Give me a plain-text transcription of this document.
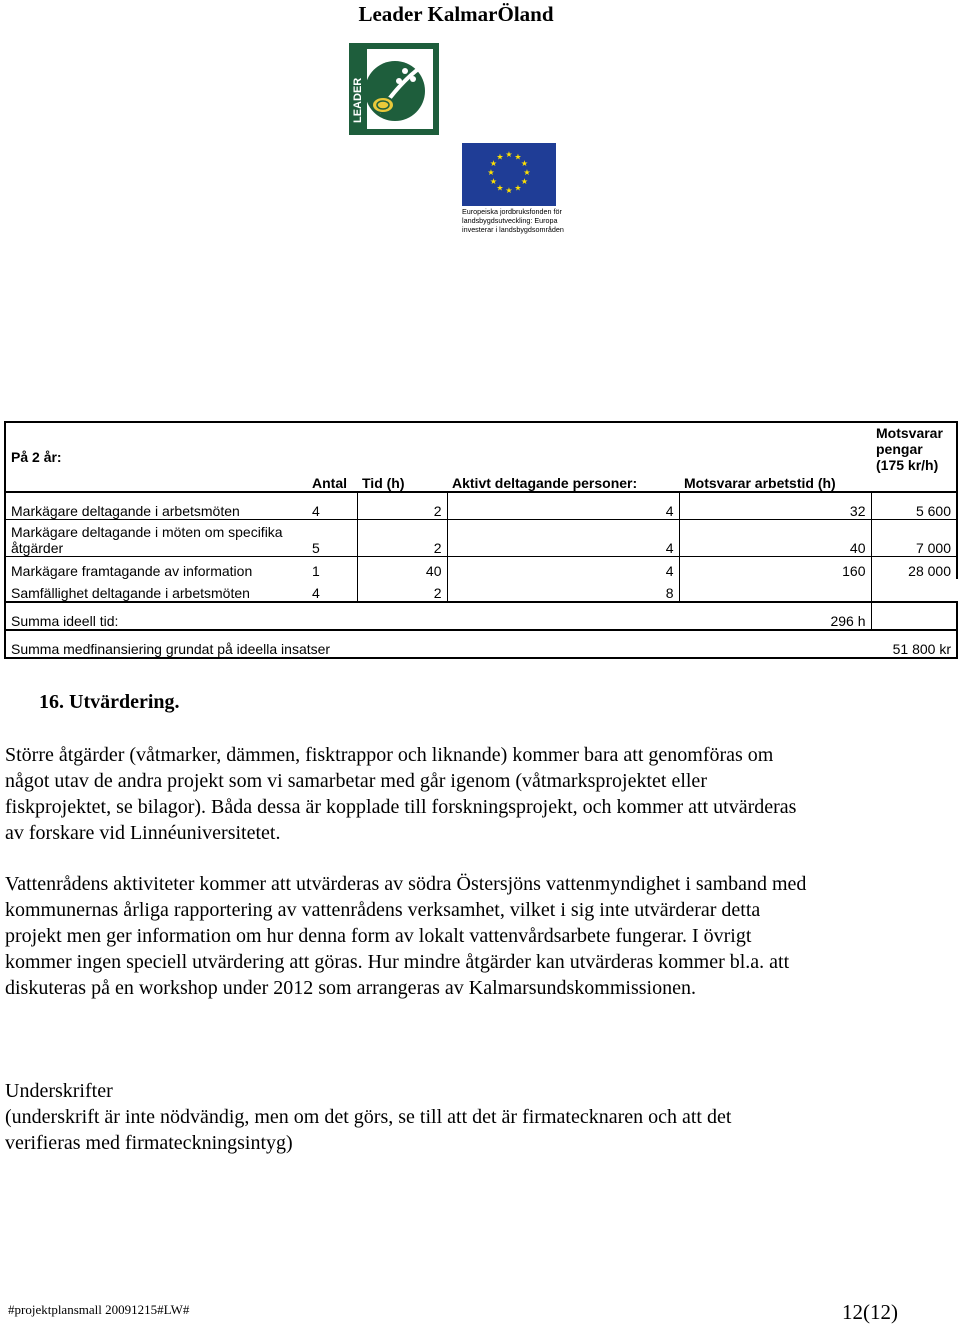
Leader KalmarÖland
LEADER
★ ★
★
★
★
★
★
★
★
★
★
★
Europeiska jordbruksfonden för
landsbygdsutveckling: Europa
investerar i landsbygdsområden
På 2 år:	Antal	Tid (h)	Aktivt deltagande personer:	Motsvarar arbetstid (h)	Motsvarar pengar (175 kr/h)
Markägare deltagande i arbetsmöten	4	2	4	32	5 600
Markägare deltagande i möten om specifika åtgärder	5	2	4	40	7 000
Markägare framtagande av information	1	40	4	160	28 000
Samfällighet deltagande i arbetsmöten	4	2	8		
Summa ideell tid:				296 h	
Summa medfinansiering grundat på ideella insatser					51 800 kr
16. Utvärdering.
Större åtgärder (våtmarker, dämmen, fisktrappor och liknande) kommer bara att genomföras om
något utav de andra projekt som vi samarbetar med går igenom (våtmarksprojektet eller
fiskprojektet, se bilagor). Båda dessa är kopplade till forskningsprojekt, och kommer att utvärderas
av forskare vid Linnéuniversitetet.
Vattenrådens aktiviteter kommer att utvärderas av södra Östersjöns vattenmyndighet i samband med
kommunernas årliga rapportering av vattenrådens verksamhet, vilket i sig inte utvärderar detta
projekt men ger information om hur denna form av lokalt vattenvårdsarbete fungerar. I övrigt
kommer ingen speciell utvärdering att göras. Hur mindre åtgärder kan utvärderas kommer bl.a. att
diskuteras på en workshop under 2012 som arrangeras av Kalmarsundskommissionen.
Underskrifter
(underskrift är inte nödvändig, men om det görs, se till att det är firmatecknaren och att det
verifieras med firmateckningsintyg)
#projektplansmall 20091215#LW#	12(12)
